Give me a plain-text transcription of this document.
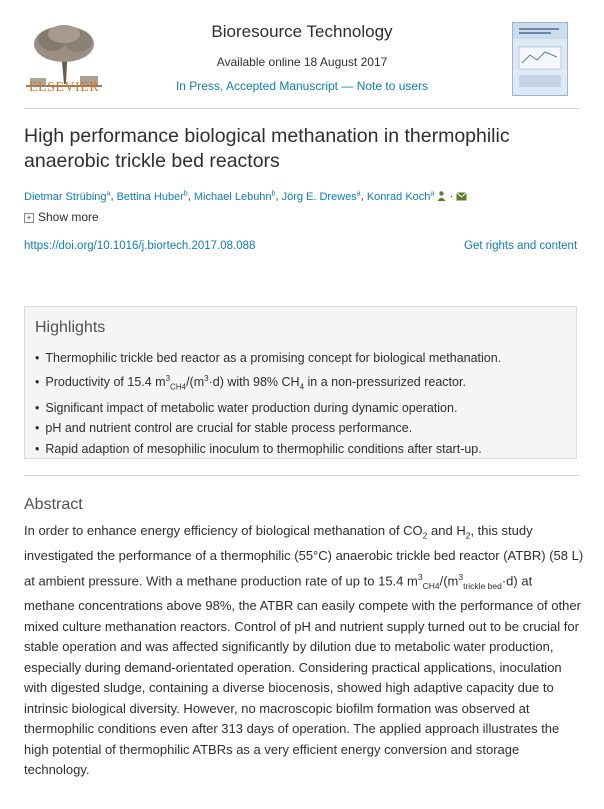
ELSEVIER
Bioresource Technology
Available online 18 August 2017
In Press, Accepted Manuscript — Note to users
High performance biological methanation in thermophilic anaerobic trickle bed reactors
Dietmar Strübing$^a$, Bettina Huber$^b$, Michael Lebuhn$^b$, Jörg E. Drewes$^a$, Konrad Koch$^a$  ·
+ Show more
https://doi.org/10.1016/j.biortech.2017.08.088	Get rights and content
Highlights
• Thermophilic trickle bed reactor as a promising concept for biological methanation.
• Productivity of 15.4 $m^3_{CH4}/(m^3\cdot d)$ with 98% $CH_4$ in a non-pressurized reactor.
• Significant impact of metabolic water production during dynamic operation.
• pH and nutrient control are crucial for stable process performance.
• Rapid adaption of mesophilic inoculum to thermophilic conditions after start-up.
Abstract

In order to enhance energy efficiency of biological methanation of $CO_2$ and $H_2$, this study investigated the performance of a thermophilic (55°C) anaerobic trickle bed reactor (ATBR) (58 L) at ambient pressure. With a methane production rate of up to 15.4 $m^3_{CH4}/(m^3_{trickle bed}\cdot d)$ at methane concentrations above 98%, the ATBR can easily compete with the performance of other mixed culture methanation reactors. Control of pH and nutrient supply turned out to be crucial for stable operation and was affected significantly by dilution due to metabolic water production, especially during demand-orientated operation. Considering practical applications, inoculation with digested sludge, containing a diverse biocenosis, showed high adaptive capacity due to intrinsic biological diversity. However, no macroscopic biofilm formation was observed at thermophilic conditions even after 313 days of operation. The applied approach illustrates the high potential of thermophilic ATBRs as a very efficient energy conversion and storage technology.
